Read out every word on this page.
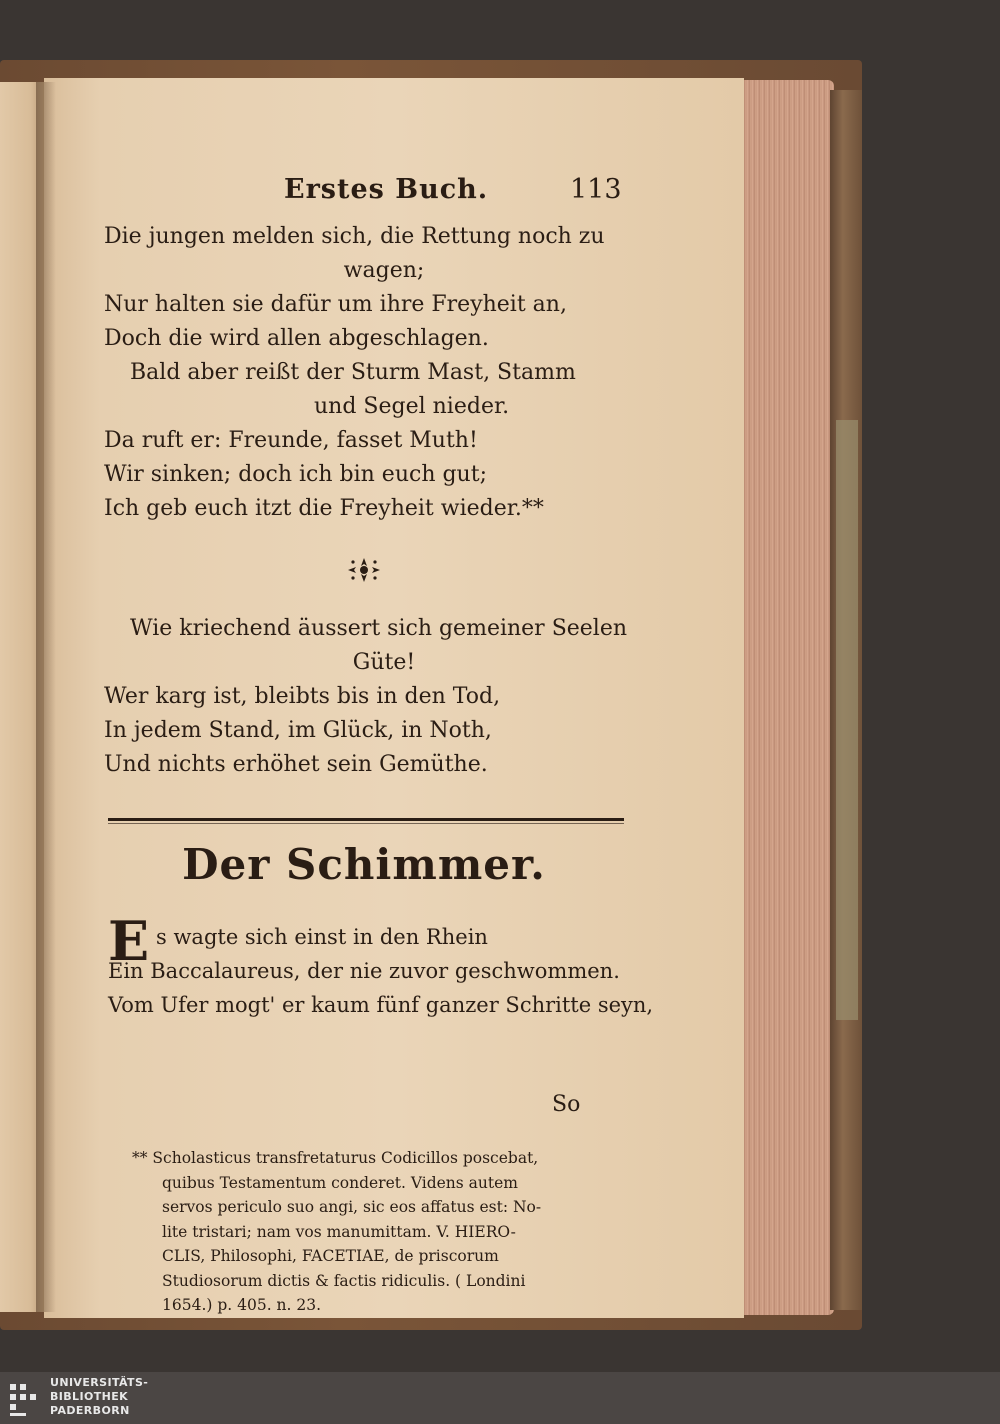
Erstes Buch.	113
Die jungen melden sich, die Rettung noch zu
wagen;
Nur halten sie dafür um ihre Freyheit an,
Doch die wird allen abgeschlagen.
Bald aber reißt der Sturm Mast, Stamm
und Segel nieder.
Da ruft er: Freunde, fasset Muth!
Wir sinken; doch ich bin euch gut;
Ich geb euch itzt die Freyheit wieder.**
Wie kriechend äussert sich gemeiner Seelen
Güte!
Wer karg ist, bleibts bis in den Tod,
In jedem Stand, im Glück, in Noth,
Und nichts erhöhet sein Gemüthe.
Der Schimmer.
E s wagte sich einst in den Rhein
Ein Baccalaureus, der nie zuvor geschwommen.
Vom Ufer mogt' er kaum fünf ganzer Schritte seyn,
So
** Scholasticus transfretaturus Codicillos poscebat,
quibus Testamentum conderet. Videns autem
servos periculo suo angi, sic eos affatus est: No-
lite tristari; nam vos manumittam. V. HIERO-
CLIS, Philosophi, FACETIAE, de priscorum
Studiosorum dictis & factis ridiculis. ( Londini
1654.) p. 405. n. 23.
UNIVERSITÄTS-
BIBLIOTHEK
PADERBORN
